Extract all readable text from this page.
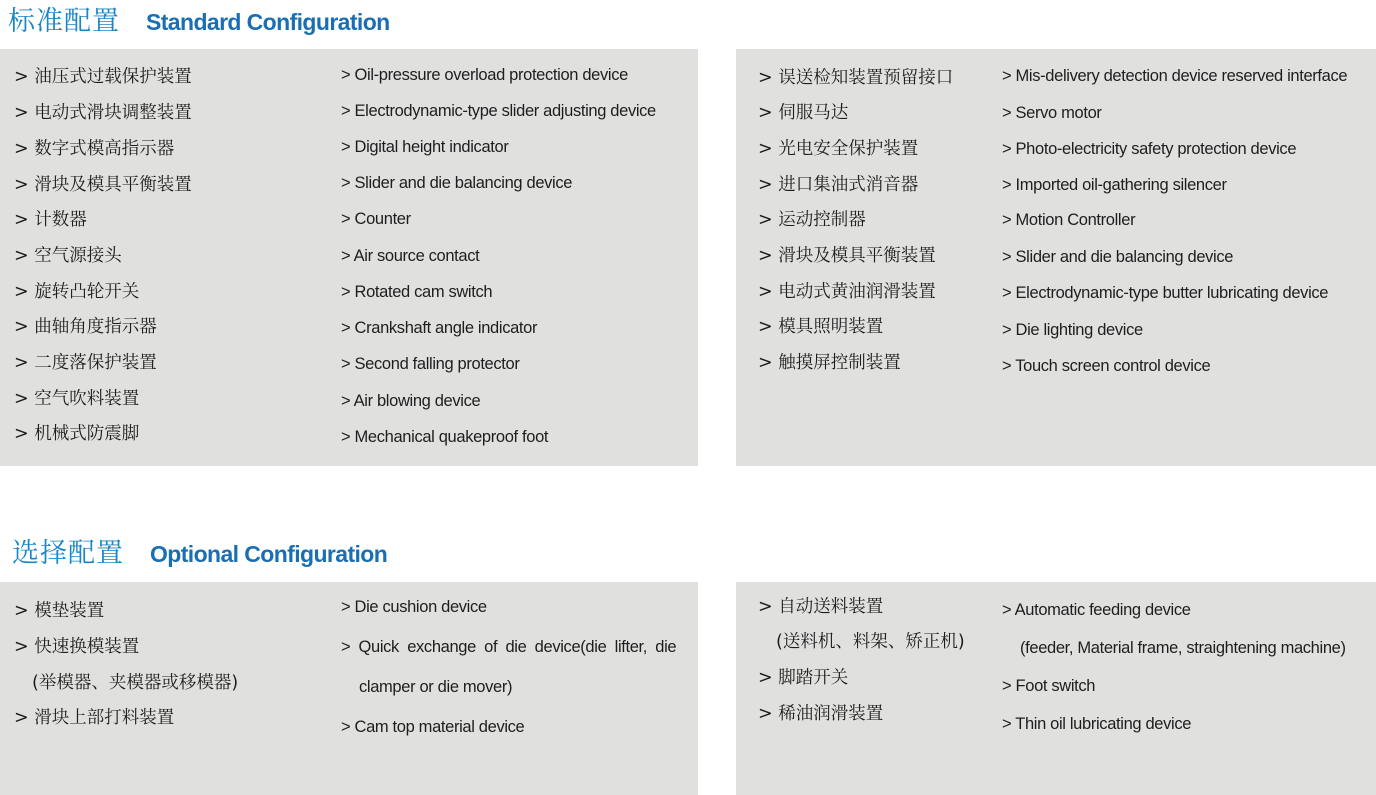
标准配置 Standard Configuration
> 油压式过载保护装置
> 电动式滑块调整装置
> 数字式模高指示器
> 滑块及模具平衡装置
> 计数器
> 空气源接头
> 旋转凸轮开关
> 曲轴角度指示器
> 二度落保护装置
> 空气吹料装置
> 机械式防震脚
> Oil-pressure overload protection device
> Electrodynamic-type slider adjusting device
> Digital height indicator
> Slider and die balancing device
> Counter
> Air source contact
> Rotated cam switch
> Crankshaft angle indicator
> Second falling protector
> Air blowing device
> Mechanical quakeproof foot
> 误送检知装置预留接口
> 伺服马达
> 光电安全保护装置
> 进口集油式消音器
> 运动控制器
> 滑块及模具平衡装置
> 电动式黄油润滑装置
> 模具照明装置
> 触摸屏控制装置
> Mis-delivery detection device reserved interface
> Servo motor
> Photo-electricity safety protection device
> Imported oil-gathering silencer
> Motion Controller
> Slider and die balancing device
> Electrodynamic-type butter lubricating device
> Die lighting device
> Touch screen control device
选择配置 Optional Configuration
> 模垫装置
> 快速换模装置
(举模器、夹模器或移模器)
> 滑块上部打料装置
> Die cushion device
> Quick exchange of die device(die lifter, die
clamper or die mover)
> Cam top material device
> 自动送料装置
(送料机、料架、矫正机)
> 脚踏开关
> 稀油润滑装置
> Automatic feeding device
(feeder, Material frame, straightening machine)
> Foot switch
> Thin oil lubricating device
